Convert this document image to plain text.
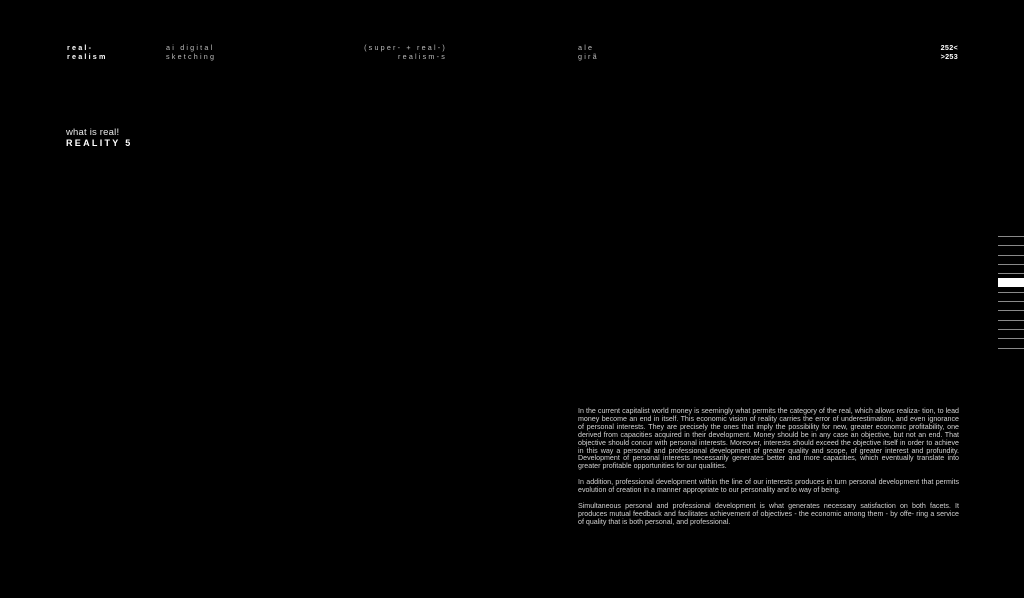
real-
realism
ai digital
sketching
(super- + real-)
realism-s
ale
girã
252<
>253
what is real!
REALITY 5

In the current capitalist world money is seemingly what permits the category of the real, which allows realiza- tion, to lead money become an end in itself. This economic vision of reality carries the error of underestimation, and even ignorance of personal interests. They are precisely the ones that imply the possibility for new, greater economic profitability, one derived from capacities acquired in their development. Money should be in any case an objective, but not an end. That objective should concur with personal interests. Moreover, interests should exceed the objective itself in order to achieve in this way a personal and professional development of greater quality and scope, of greater interest and profundity. Development of personal interests necessarily generates better and more capacities, which eventually translate into greater profitable opportunities for our qualities.

In addition, professional development within the line of our interests produces in turn personal development that permits evolution of creation in a manner appropriate to our personality and to way of being.

Simultaneous personal and professional development is what generates necessary satisfaction on both facets. It produces mutual feedback and facilitates achievement of objectives - the economic among them - by offe- ring a service of quality that is both personal, and professional.
